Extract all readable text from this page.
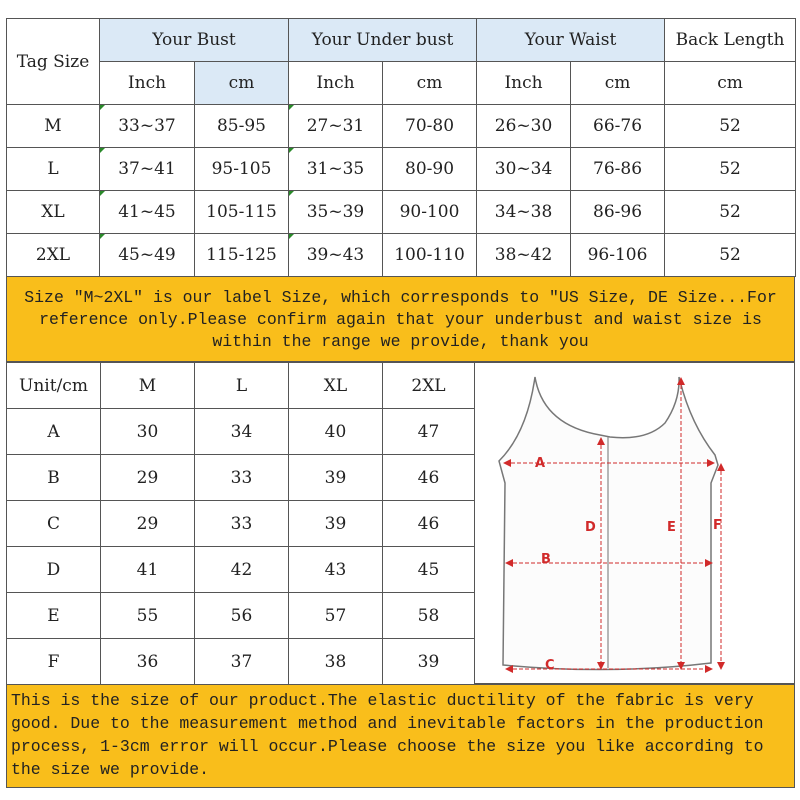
Tag Size	Your Bust		Your Under bust		Your Waist		Back Length
	Inch	cm	Inch	cm	Inch	cm	cm
M	33~37	85-95	27~31	70-80	26~30	66-76	52
L	37~41	95-105	31~35	80-90	30~34	76-86	52
XL	41~45	105-115	35~39	90-100	34~38	86-96	52
2XL	45~49	115-125	39~43	100-110	38~42	96-106	52
Size "M~2XL" is our label Size, which corresponds to "US Size, DE Size...For
reference only.Please confirm again that your underbust and waist size is
within the range we provide, thank you
Unit/cm	M	L	XL	2XL
A	30	34	40	47
B	29	33	39	46
C	29	33	39	46
D	41	42	43	45
E	55	56	57	58
F	36	37	38	39
A
B
C
D	E	F
This is the size of our product.The elastic ductility of the fabric is very
good. Due to the measurement method and inevitable factors in the production
process, 1-3cm error will occur.Please choose the size you like according to
the size we provide.
